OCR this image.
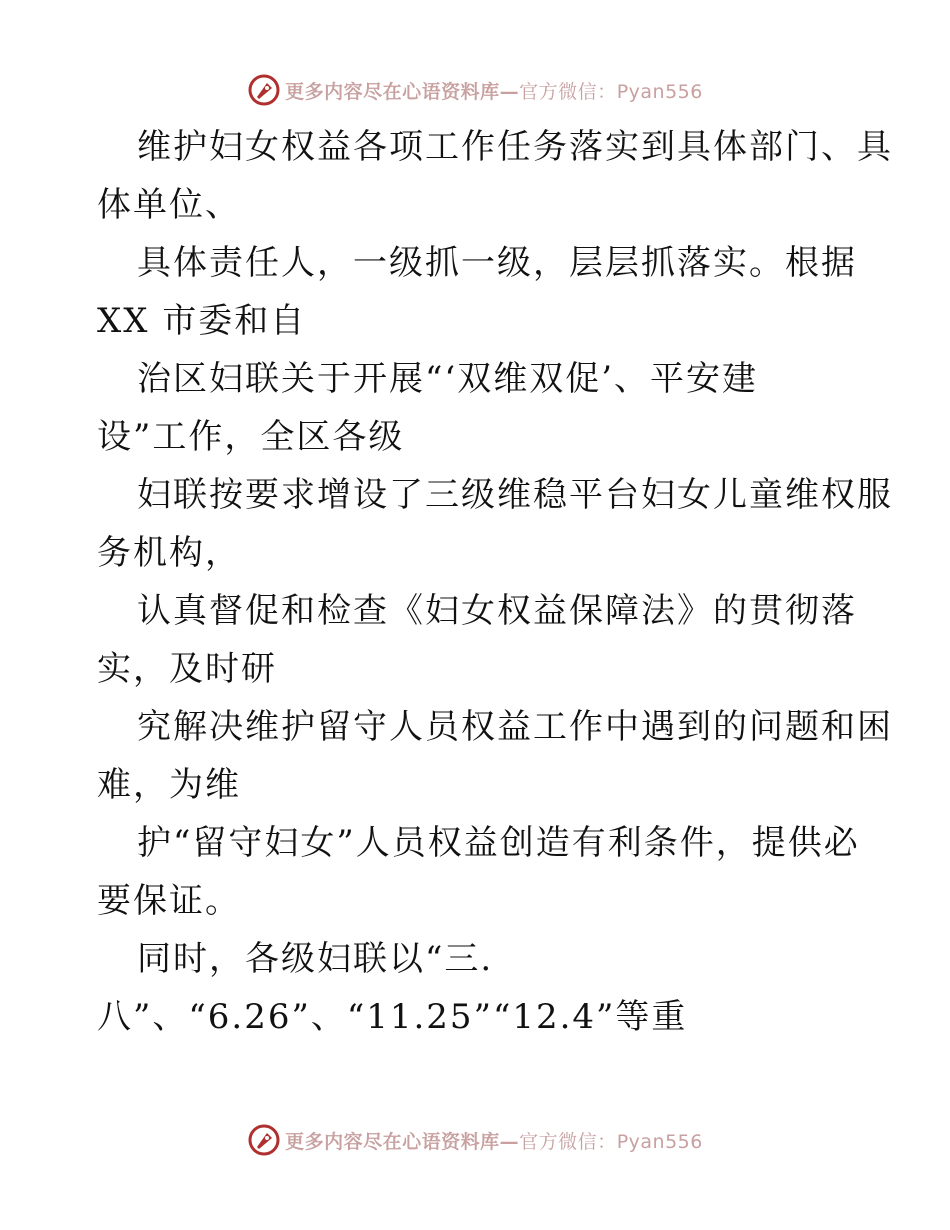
更多内容尽在心语资料库—官方微信：Pyan556
维护妇女权益各项工作任务落实到具体部门、具
体单位、
具体责任人，一级抓一级，层层抓落实。根据
XX 市委和自
治区妇联关于开展“‘双维双促’、平安建
设”工作，全区各级
妇联按要求增设了三级维稳平台妇女儿童维权服
务机构，
认真督促和检查《妇女权益保障法》的贯彻落
实，及时研
究解决维护留守人员权益工作中遇到的问题和困
难，为维
护“留守妇女”人员权益创造有利条件，提供必
要保证。
同时，各级妇联以“三.
八”、“6.26”、“11.25”“12.4”等重
更多内容尽在心语资料库—官方微信：Pyan556
